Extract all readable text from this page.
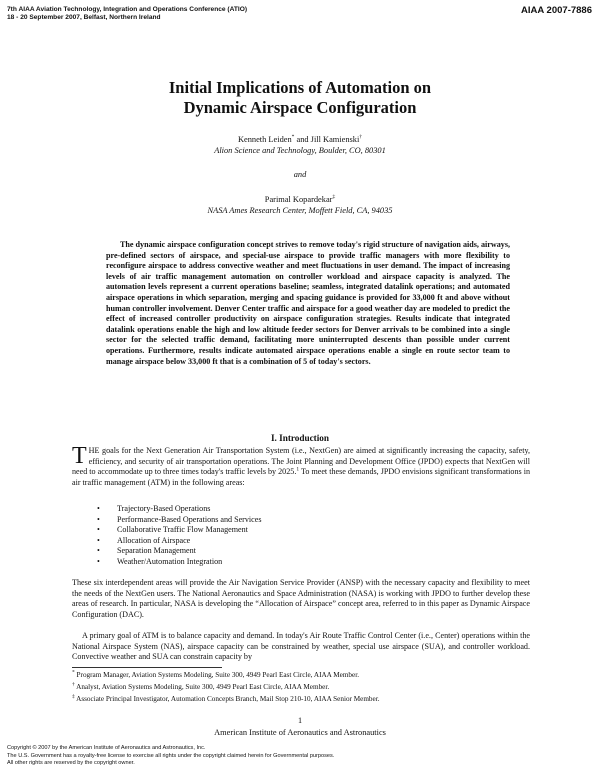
7th AIAA Aviation Technology, Integration and Operations Conference (ATIO)
18 - 20 September 2007, Belfast, Northern Ireland
AIAA 2007-7886
Initial Implications of Automation on
Dynamic Airspace Configuration
Kenneth Leiden* and Jill Kamienski†
Alion Science and Technology, Boulder, CO, 80301
and
Parimal Kopardekar‡
NASA Ames Research Center, Moffett Field, CA, 94035

The dynamic airspace configuration concept strives to remove today's rigid structure of navigation aids, airways, pre-defined sectors of airspace, and special-use airspace to provide traffic managers with more flexibility to reconfigure airspace to address convective weather and meet fluctuations in user demand. The impact of increasing levels of air traffic management automation on controller workload and airspace capacity is analyzed. The automation levels represent a current operations baseline; seamless, integrated datalink operations; and automated airspace operations in which separation, merging and spacing guidance is provided for 33,000 ft and above without human controller involvement. Denver Center traffic and airspace for a good weather day are modeled to predict the effect of increased controller productivity on airspace configuration strategies. Results indicate that integrated datalink operations enable the high and low altitude feeder sectors for Denver arrivals to be combined into a single sector for the selected traffic demand, facilitating more uninterrupted descents than possible under current operations. Furthermore, results indicate automated airspace operations enable a single en route sector team to manage airspace below 33,000 ft that is a combination of 5 of today's sectors.

I. Introduction

THE goals for the Next Generation Air Transportation System (i.e., NextGen) are aimed at significantly increasing the capacity, safety, efficiency, and security of air transportation operations. The Joint Planning and Development Office (JPDO) expects that NextGen will need to accommodate up to three times today's traffic levels by 2025.$^1$ To meet these demands, JPDO envisions significant transformations in air traffic management (ATM) in the following areas:

• Trajectory-Based Operations
• Performance-Based Operations and Services
• Collaborative Traffic Flow Management
• Allocation of Airspace
• Separation Management
• Weather/Automation Integration

These six interdependent areas will provide the Air Navigation Service Provider (ANSP) with the necessary capacity and flexibility to meet the needs of the NextGen users. The National Aeronautics and Space Administration (NASA) is working with JPDO to further develop these areas of research. In particular, NASA is developing the “Allocation of Airspace” concept area, referred to in this paper as Dynamic Airspace Configuration (DAC).

A primary goal of ATM is to balance capacity and demand. In today's Air Route Traffic Control Center (i.e., Center) operations within the National Airspace System (NAS), airspace capacity can be constrained by weather, special use airspace (SUA), and controller workload. Convective weather and SUA can constrain capacity by

* Program Manager, Aviation Systems Modeling, Suite 300, 4949 Pearl East Circle, AIAA Member.
† Analyst, Aviation Systems Modeling, Suite 300, 4949 Pearl East Circle, AIAA Member.
‡ Associate Principal Investigator, Automation Concepts Branch, Mail Stop 210-10, AIAA Senior Member.
1
American Institute of Aeronautics and Astronautics
Copyright © 2007 by the American Institute of Aeronautics and Astronautics, Inc.
The U.S. Government has a royalty-free license to exercise all rights under the copyright claimed herein for Governmental purposes.
All other rights are reserved by the copyright owner.
